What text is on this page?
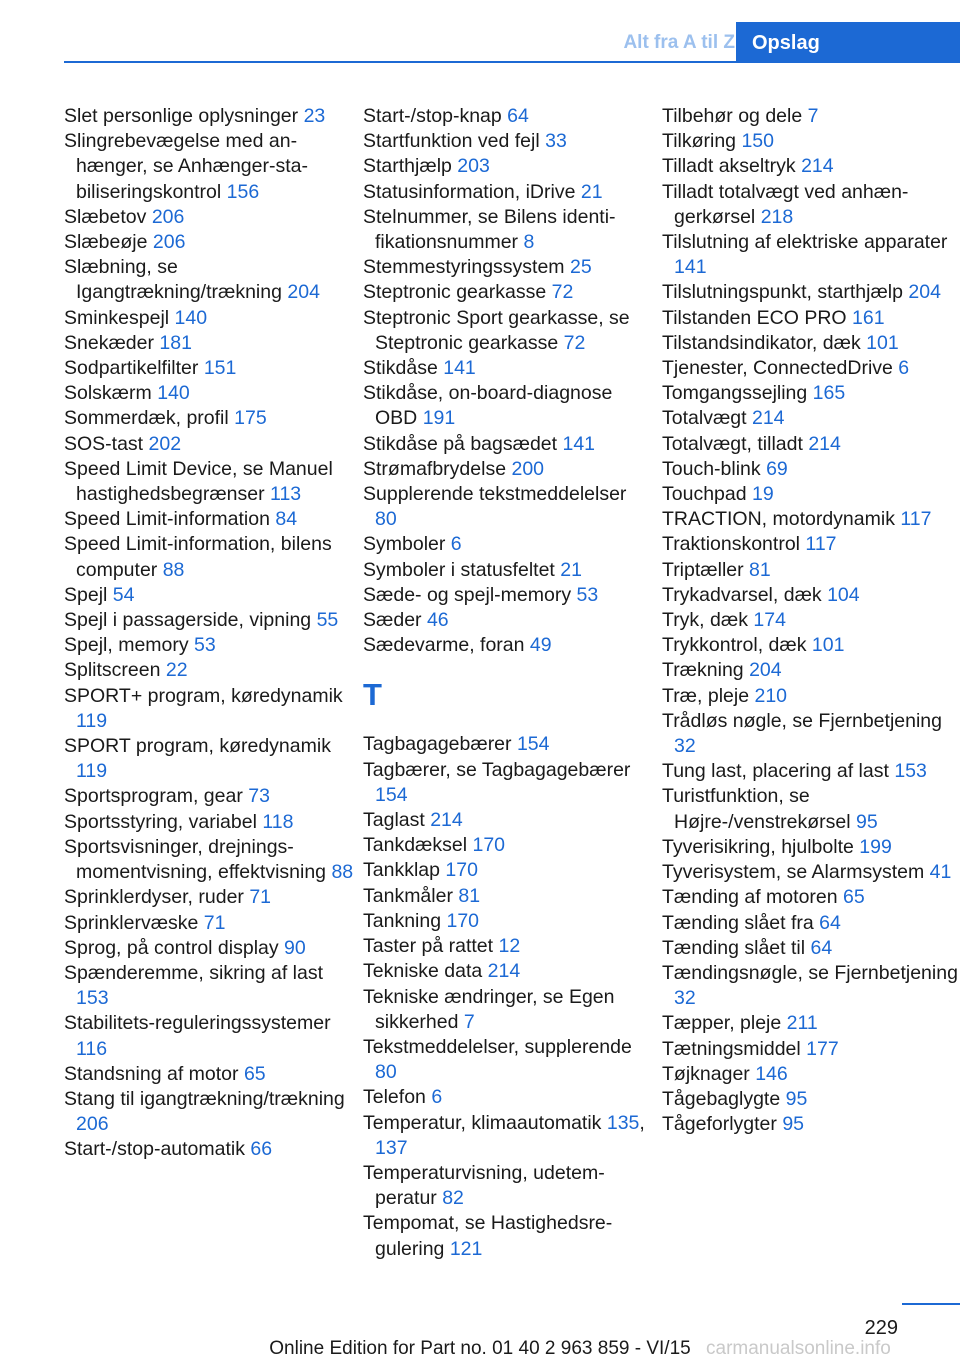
Alt fra A til Z Opslag
Slet personlige oplysninger 23
Slingrebevægelse med anhænger, se Anhænger-stabiliseringskontrol 156
Slæbetov 206
Slæbeøje 206
Slæbning, se Igangtrækning/trækning 204
Sminkespejl 140
Snekæder 181
Sodpartikelfilter 151
Solskærm 140
Sommerdæk, profil 175
SOS-tast 202
Speed Limit Device, se Manuel hastighedsbegrænser 113
Speed Limit-information 84
Speed Limit-information, bilens computer 88
Spejl 54
Spejl i passagerside, vipning 55
Spejl, memory 53
Splitscreen 22
SPORT+ program, køredynamik 119
SPORT program, køredynamik 119
Sportsprogram, gear 73
Sportsstyring, variabel 118
Sportsvisninger, drejningsmomentvisning, effektvisning 88
Sprinklerdyser, ruder 71
Sprinklervæske 71
Sprog, på control display 90
Spænderemme, sikring af last 153
Stabilitets-reguleringssystemer 116
Standsning af motor 65
Stang til igangtrækning/trækning 206
Start-/stop-automatik 66
Start-/stop-knap 64
Startfunktion ved fejl 33
Starthjælp 203
Statusinformation, iDrive 21
Stelnummer, se Bilens identifikationsnummer 8
Stemmestyringssystem 25
Steptronic gearkasse 72
Steptronic Sport gearkasse, se Steptronic gearkasse 72
Stikdåse 141
Stikdåse, on-board-diagnose OBD 191
Stikdåse på bagsædet 141
Strømafbrydelse 200
Supplerende tekstmeddelelser 80
Symboler 6
Symboler i statusfeltet 21
Sæde- og spejl-memory 53
Sæder 46
Sædevarme, foran 49
T
Tagbagagebærer 154
Tagbærer, se Tagbagagebærer 154
Taglast 214
Tankdæksel 170
Tankklap 170
Tankmåler 81
Tankning 170
Taster på rattet 12
Tekniske data 214
Tekniske ændringer, se Egen sikkerhed 7
Tekstmeddelelser, supplerende 80
Telefon 6
Temperatur, klimaautomatik 135, 137
Temperaturvisning, udetemperatur 82
Tempomat, se Hastighedsregulering 121
Tilbehør og dele 7
Tilkøring 150
Tilladt akseltryk 214
Tilladt totalvægt ved anhængerkørsel 218
Tilslutning af elektriske apparater 141
Tilslutningspunkt, starthjælp 204
Tilstanden ECO PRO 161
Tilstandsindikator, dæk 101
Tjenester, ConnectedDrive 6
Tomgangssejling 165
Totalvægt 214
Totalvægt, tilladt 214
Touch-blink 69
Touchpad 19
TRACTION, motordynamik 117
Traktionskontrol 117
Triptæller 81
Trykadvarsel, dæk 104
Tryk, dæk 174
Trykkontrol, dæk 101
Trækning 204
Træ, pleje 210
Trådløs nøgle, se Fjernbetjening 32
Tung last, placering af last 153
Turistfunktion, se Højre-/venstrekørsel 95
Tyverisikring, hjulbolte 199
Tyverisystem, se Alarmsystem 41
Tænding af motoren 65
Tænding slået fra 64
Tænding slået til 64
Tændingsnøgle, se Fjernbetjening 32
Tæpper, pleje 211
Tætningsmiddel 177
Tøjknager 146
Tågebaglygte 95
Tågeforlygter 95
229
Online Edition for Part no. 01 40 2 963 859 - VI/15 carmanualsonline.info
